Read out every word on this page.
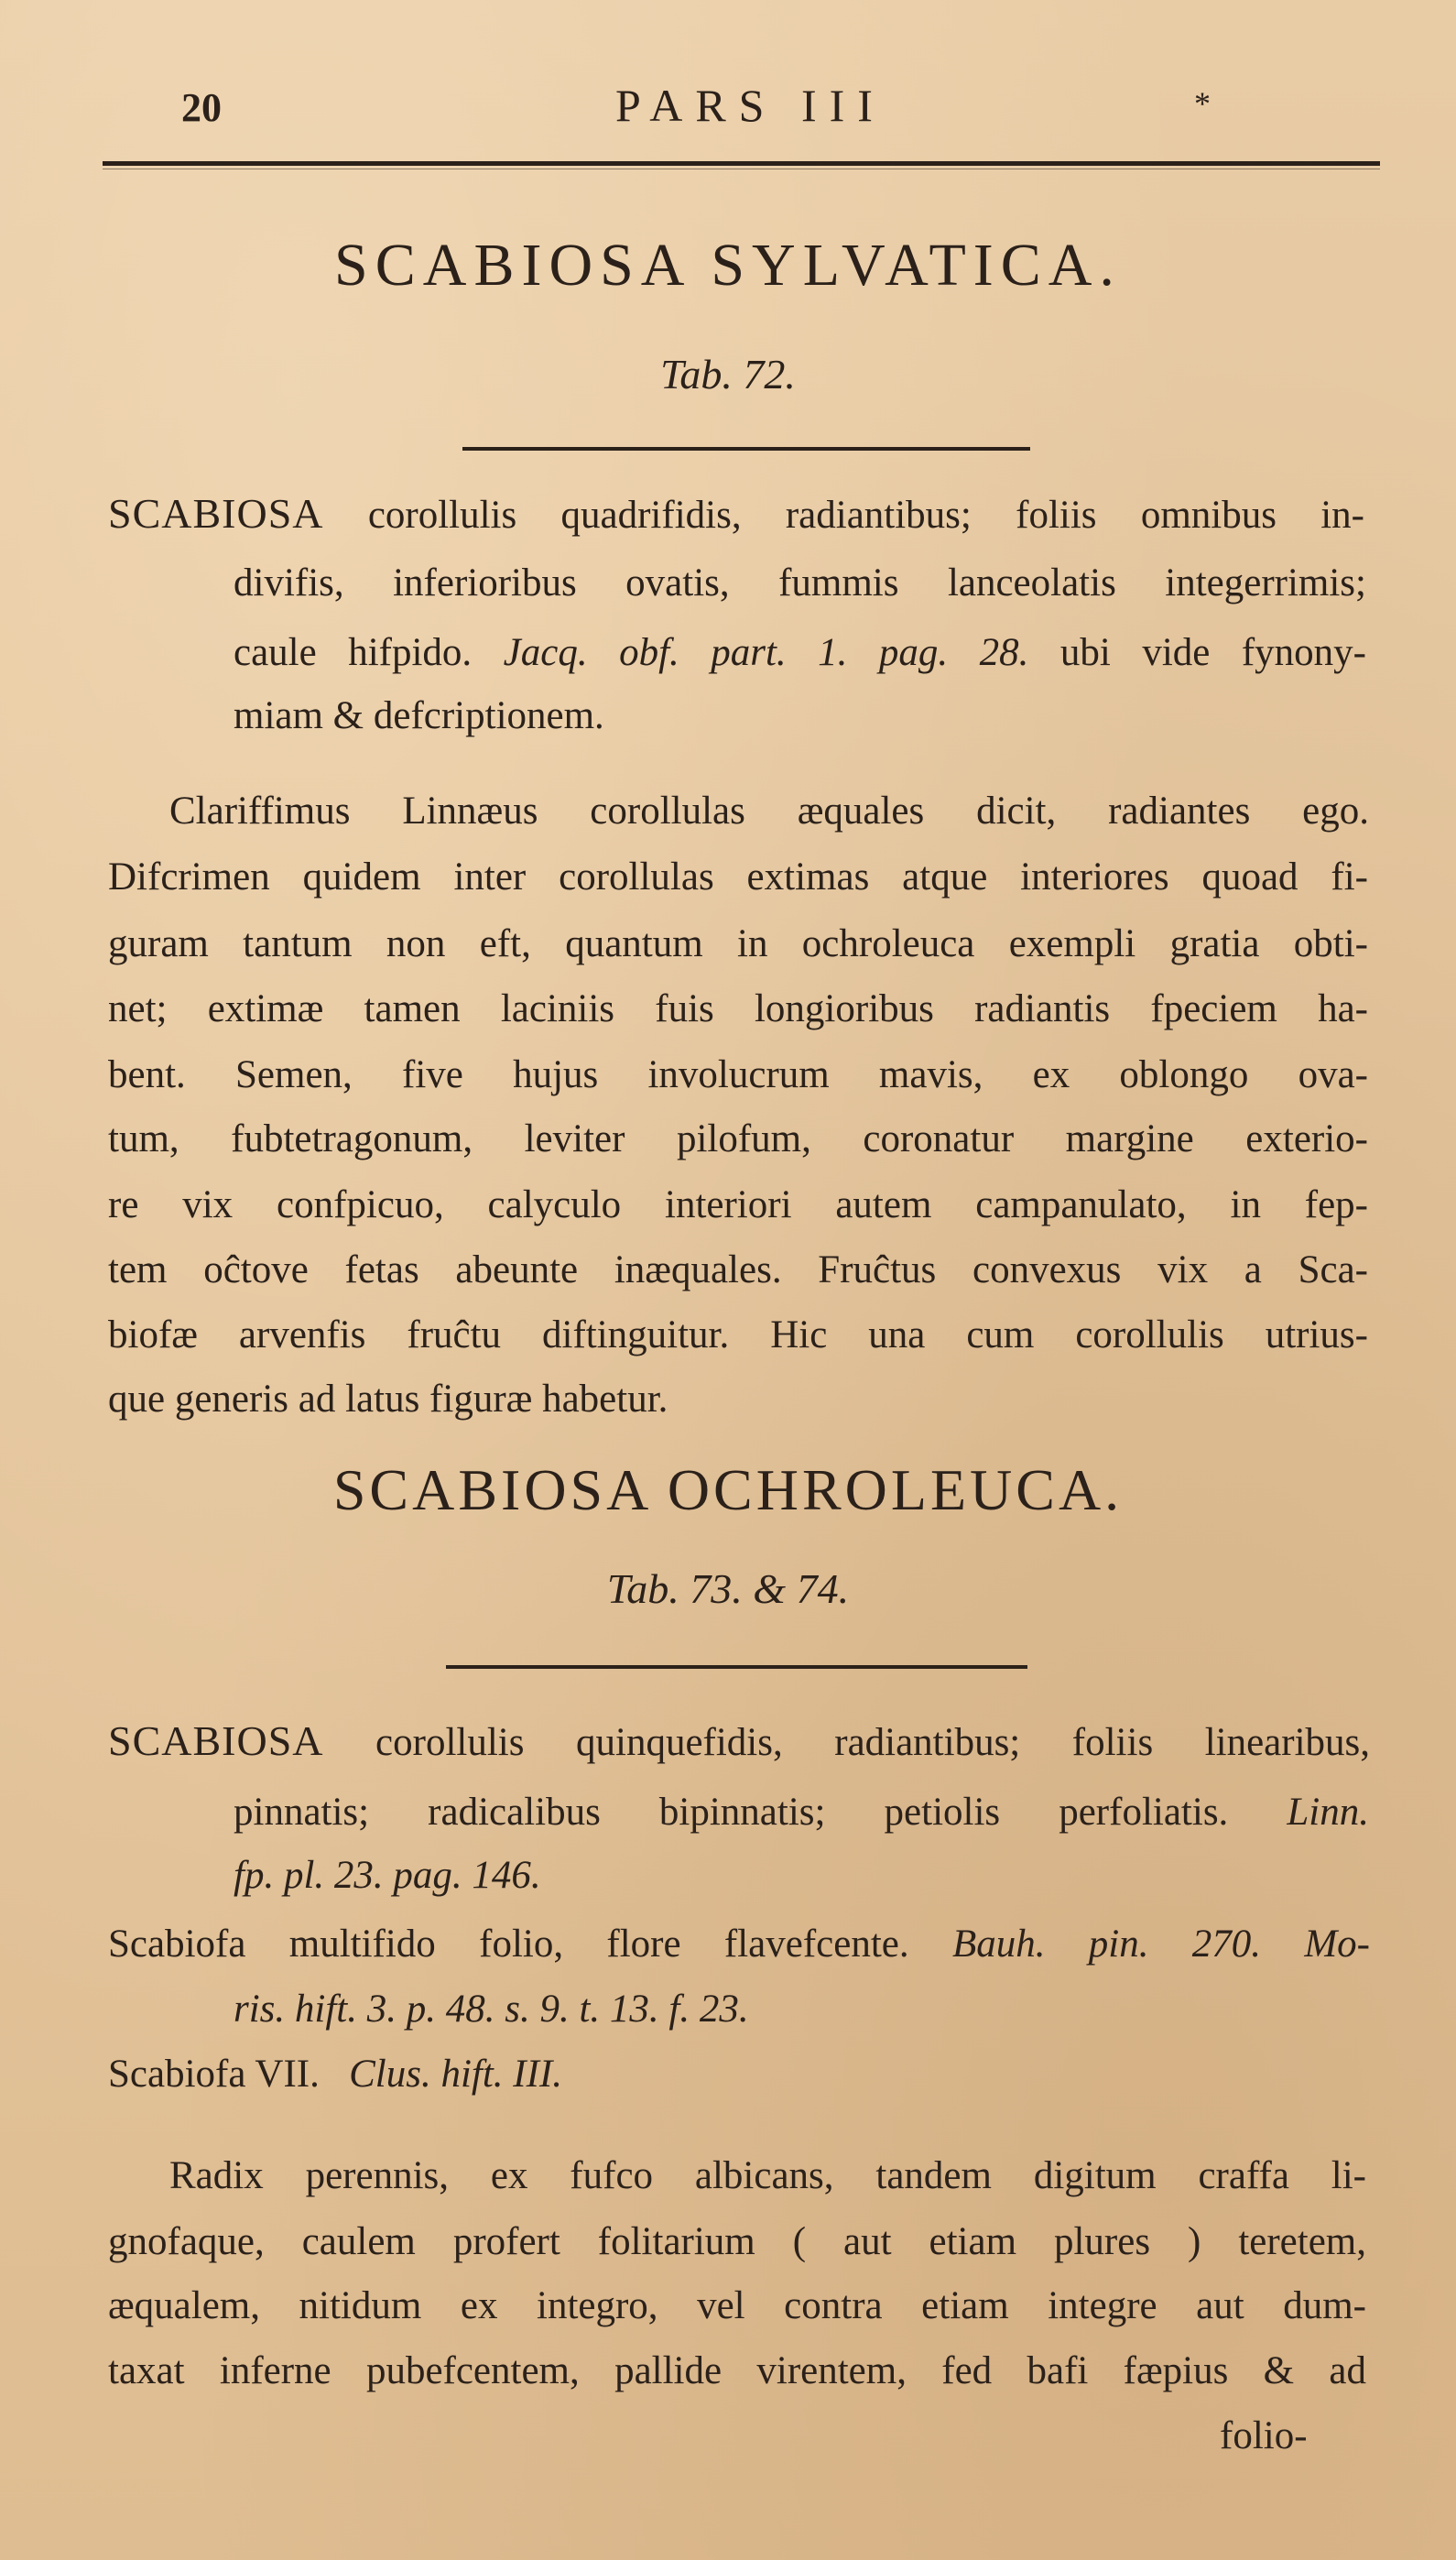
20	PARS III	*
SCABIOSA SYLVATICA.
Tab. 72.
SCABIOSA corollulis quadrifidis, radiantibus; foliis omnibus in-
divifis, inferioribus ovatis, fummis lanceolatis integerrimis;
caule hifpido. Jacq. obf. part. 1. pag. 28. ubi vide fynony-
miam & defcriptionem.
Clariffimus Linnæus corollulas æquales dicit, radiantes ego.
Difcrimen quidem inter corollulas extimas atque interiores quoad fi-
guram tantum non eft, quantum in ochroleuca exempli gratia obti-
net; extimæ tamen laciniis fuis longioribus radiantis fpeciem ha-
bent. Semen, five hujus involucrum mavis, ex oblongo ova-
tum, fubtetragonum, leviter pilofum, coronatur margine exterio-
re vix confpicuo, calyculo interiori autem campanulato, in fep-
tem oĉtove fetas abeunte inæquales. Fruĉtus convexus vix a Sca-
biofæ arvenfis fruĉtu diftinguitur. Hic una cum corollulis utrius-
que generis ad latus figuræ habetur.
SCABIOSA OCHROLEUCA.
Tab. 73. & 74.
SCABIOSA corollulis quinquefidis, radiantibus; foliis linearibus,
pinnatis; radicalibus bipinnatis; petiolis perfoliatis. Linn.
fp. pl. 23. pag. 146.
Scabiofa multifido folio, flore flavefcente. Bauh. pin. 270. Mo-
ris. hift. 3. p. 48. s. 9. t. 13. f. 23.
Scabiofa VII. Clus. hift. III.
Radix perennis, ex fufco albicans, tandem digitum craffa li-
gnofaque, caulem profert folitarium ( aut etiam plures ) teretem,
æqualem, nitidum ex integro, vel contra etiam integre aut dum-
taxat inferne pubefcentem, pallide virentem, fed bafi fæpius & ad
folio-
